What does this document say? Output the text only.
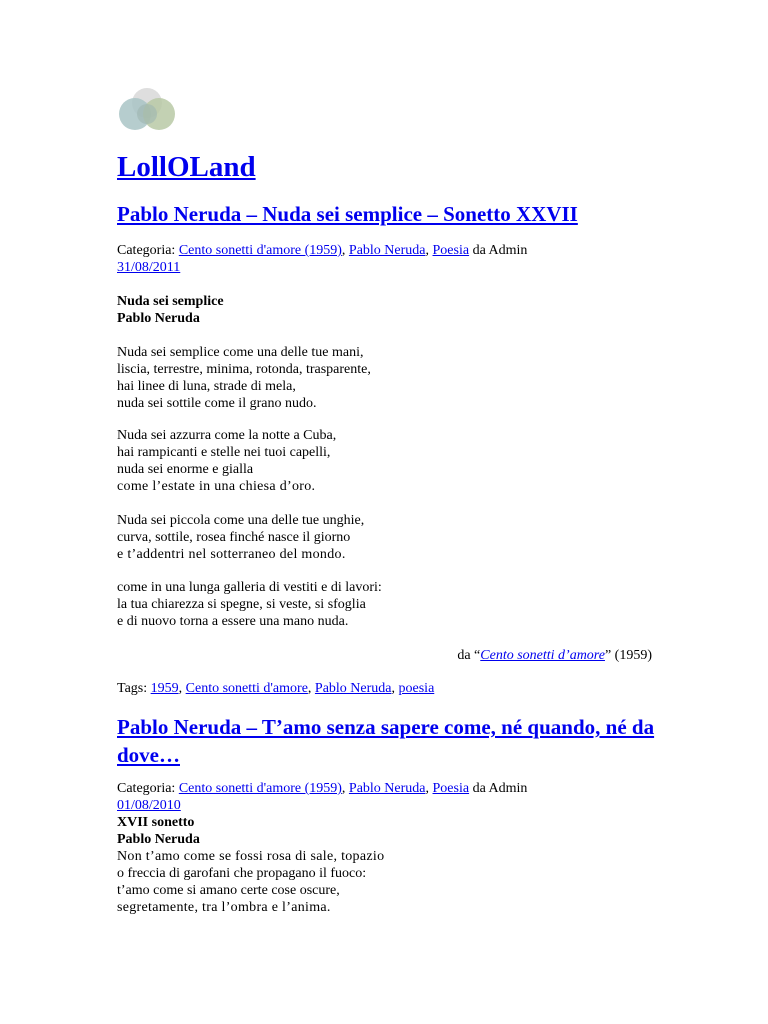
LollOLand
Pablo Neruda – Nuda sei semplice – Sonetto XXVII
Categoria: Cento sonetti d'amore (1959), Pablo Neruda, Poesia da Admin
31/08/2011
Nuda sei semplice
Pablo Neruda
Nuda sei semplice come una delle tue mani,
liscia, terrestre, minima, rotonda, trasparente,
hai linee di luna, strade di mela,
nuda sei sottile come il grano nudo.
Nuda sei azzurra come la notte a Cuba,
hai rampicanti e stelle nei tuoi capelli,
nuda sei enorme e gialla
come l’estate in una chiesa d’oro.
Nuda sei piccola come una delle tue unghie,
curva, sottile, rosea finché nasce il giorno
e t’addentri nel sotterraneo del mondo.
come in una lunga galleria di vestiti e di lavori:
la tua chiarezza si spegne, si veste, si sfoglia
e di nuovo torna a essere una mano nuda.
da “Cento sonetti d’amore” (1959)
Tags: 1959, Cento sonetti d'amore, Pablo Neruda, poesia
Pablo Neruda – T’amo senza sapere come, né quando, né da dove…
Categoria: Cento sonetti d'amore (1959), Pablo Neruda, Poesia da Admin
01/08/2010
XVII sonetto
Pablo Neruda
Non t’amo come se fossi rosa di sale, topazio
o freccia di garofani che propagano il fuoco:
t’amo come si amano certe cose oscure,
segretamente, tra l’ombra e l’anima.
